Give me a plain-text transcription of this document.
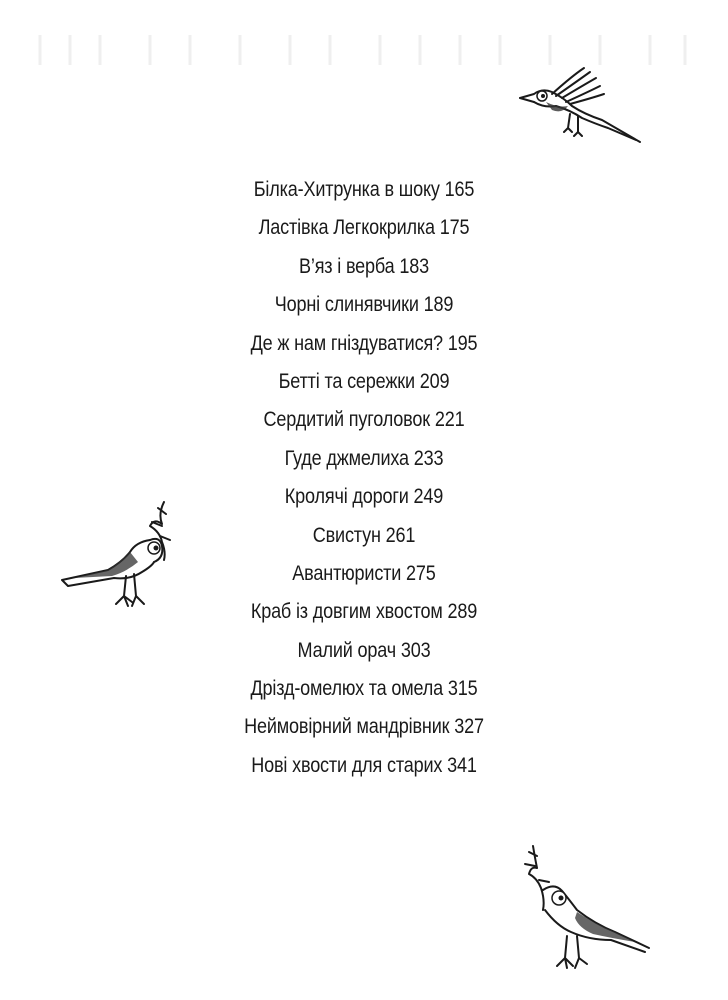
Білка-Хитрунка в шоку 165
Ластівка Легкокрилка 175
В’яз і верба 183
Чорні слинявчики 189
Де ж нам гніздуватися? 195
Бетті та сережки 209
Сердитий пуголовок 221
Гуде джмелиха 233
Кролячі дороги 249
Свистун 261
Авантюристи 275
Краб із довгим хвостом 289
Малий орач 303
Дрізд-омелюх та омела 315
Неймовірний мандрівник 327
Нові хвости для старих 341
